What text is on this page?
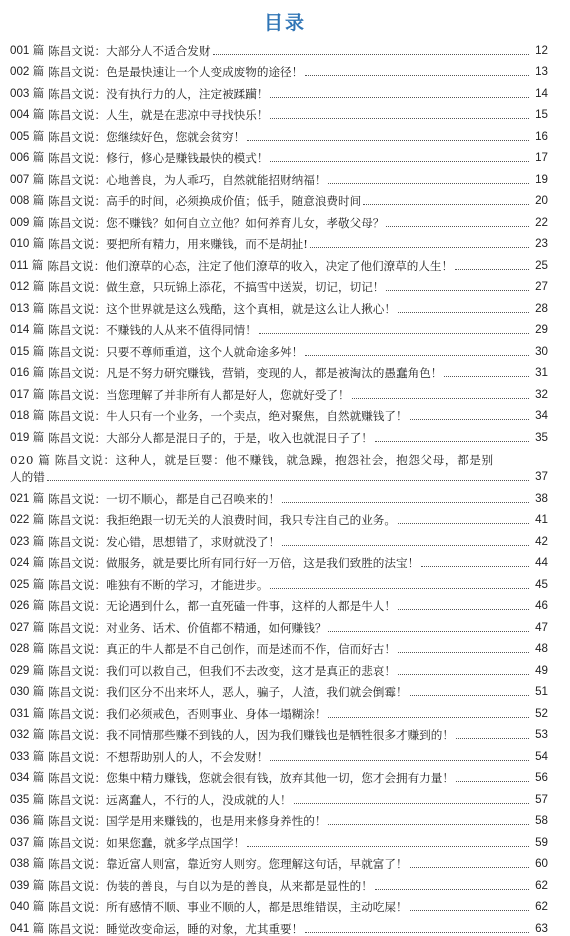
目录
001 篇 陈昌文说：大部分人不适合发财	12
002 篇 陈昌文说：色是最快速让一个人变成废物的途径！	13
003 篇 陈昌文说：没有执行力的人，注定被蹂躏！	14
004 篇 陈昌文说：人生，就是在悲凉中寻找快乐！	15
005 篇 陈昌文说：您继续好色，您就会贫穷！	16
006 篇 陈昌文说：修行，修心是赚钱最快的模式！	17
007 篇 陈昌文说：心地善良，为人乖巧，自然就能招财纳福！	19
008 篇 陈昌文说：高手的时间，必须换成价值；低手，随意浪费时间	20
009 篇 陈昌文说：您不赚钱？如何自立立他？如何养育儿女，孝敬父母？	22
010 篇 陈昌文说：要把所有精力，用来赚钱，而不是胡扯!	23
011 篇 陈昌文说：他们潦草的心态，注定了他们潦草的收入，决定了他们潦草的人生！	25
012 篇 陈昌文说：做生意，只玩锦上添花，不搞雪中送炭，切记，切记！	27
013 篇 陈昌文说：这个世界就是这么残酷，这个真相，就是这么让人揪心！	28
014 篇 陈昌文说：不赚钱的人从来不值得同情！	29
015 篇 陈昌文说：只要不尊师重道，这个人就命途多舛！	30
016 篇 陈昌文说：凡是不努力研究赚钱，营销，变现的人，都是被淘汰的愚蠢角色！	31
017 篇 陈昌文说：当您理解了并非所有人都是好人，您就好受了！	32
018 篇 陈昌文说：牛人只有一个业务，一个卖点，绝对聚焦，自然就赚钱了！	34
019 篇 陈昌文说：大部分人都是混日子的，于是，收入也就混日子了！	35
020 篇 陈昌文说：这种人，就是巨婴：他不赚钱，就急躁，抱怨社会，抱怨父母，都是别
人的错	37
021 篇 陈昌文说：一切不顺心，都是自己召唤来的！	38
022 篇 陈昌文说：我拒绝跟一切无关的人浪费时间，我只专注自己的业务。	41
023 篇 陈昌文说：发心错，思想错了，求财就没了！	42
024 篇 陈昌文说：做服务，就是要比所有同行好一万倍，这是我们致胜的法宝！	44
025 篇 陈昌文说：唯独有不断的学习，才能进步。	45
026 篇 陈昌文说：无论遇到什么，都一直死磕一件事，这样的人都是牛人！	46
027 篇 陈昌文说：对业务、话术、价值都不精通，如何赚钱？	47
028 篇 陈昌文说：真正的牛人都是不自己创作，而是述而不作，信而好古！	48
029 篇 陈昌文说：我们可以救自己，但我们不去改变，这才是真正的悲哀！	49
030 篇 陈昌文说：我们区分不出来坏人，恶人，骗子，人渣，我们就会倒霉！	51
031 篇 陈昌文说：我们必须戒色，否则事业、身体一塌糊涂！	52
032 篇 陈昌文说：我不同情那些赚不到钱的人，因为我们赚钱也是牺牲很多才赚到的！	53
033 篇 陈昌文说：不想帮助别人的人，不会发财！	54
034 篇 陈昌文说：您集中精力赚钱，您就会很有钱，放弃其他一切，您才会拥有力量！	56
035 篇 陈昌文说：远离蠢人，不行的人，没成就的人！	57
036 篇 陈昌文说：国学是用来赚钱的，也是用来修身养性的！	58
037 篇 陈昌文说：如果您蠢，就多学点国学！	59
038 篇 陈昌文说：靠近富人则富，靠近穷人则穷。您理解这句话，早就富了！	60
039 篇 陈昌文说：伪装的善良，与自以为是的善良，从来都是显性的！	62
040 篇 陈昌文说：所有感情不顺、事业不顺的人，都是思维错误，主动吃屎！	62
041 篇 陈昌文说：睡觉改变命运，睡的对象，尤其重要！	63
